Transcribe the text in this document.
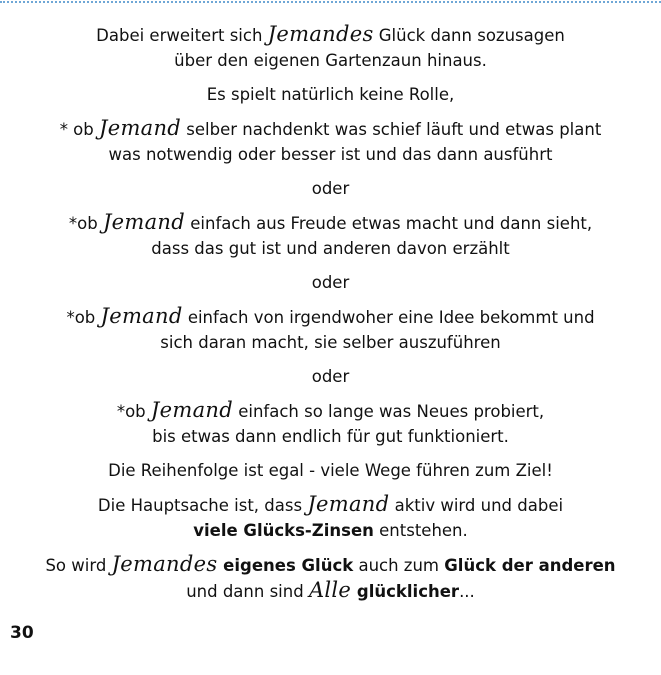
Dabei erweitert sich Jemandes Glück dann sozusagen
über den eigenen Gartenzaun hinaus.

Es spielt natürlich keine Rolle,

* ob Jemand selber nachdenkt was schief läuft und etwas plant
was notwendig oder besser ist und das dann ausführt

oder

*ob Jemand einfach aus Freude etwas macht und dann sieht,
dass das gut ist und anderen davon erzählt

oder

*ob Jemand einfach von irgendwoher eine Idee bekommt und
sich daran macht, sie selber auszuführen

oder

*ob Jemand einfach so lange was Neues probiert,
bis etwas dann endlich für gut funktioniert.

Die Reihenfolge ist egal - viele Wege führen zum Ziel!

Die Hauptsache ist, dass Jemand aktiv wird und dabei
viele Glücks-Zinsen entstehen.

So wird Jemandes eigenes Glück auch zum Glück der anderen
und dann sind Alle glücklicher...

30
